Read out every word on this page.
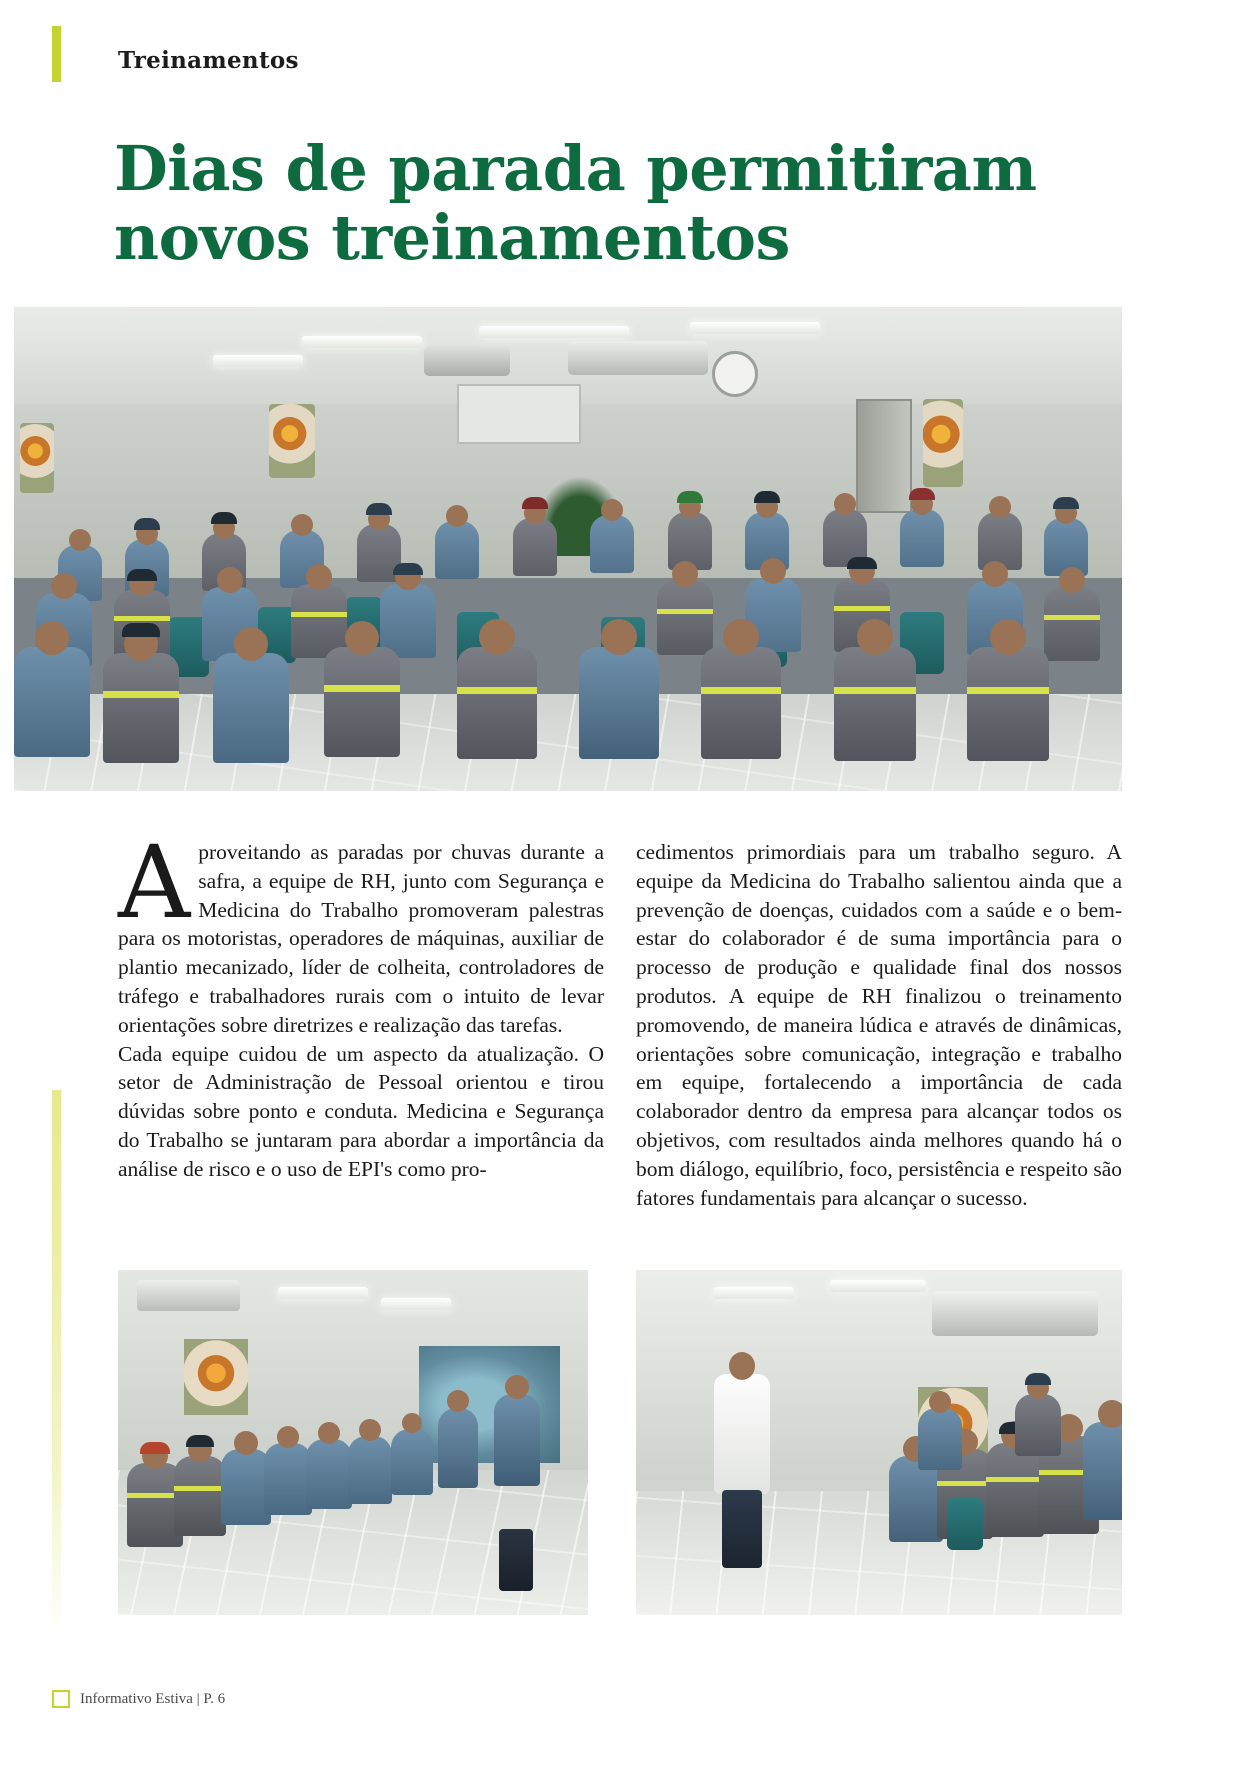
Treinamentos
Dias de parada permitiram novos treinamentos

Aproveitando as paradas por chuvas durante a safra, a equipe de RH, junto com Segurança e Medicina do Trabalho promoveram palestras para os motoristas, operadores de máquinas, auxiliar de plantio mecanizado, líder de colheita, controladores de tráfego e trabalhadores rurais com o intuito de levar orientações sobre diretrizes e realização das tarefas.

Cada equipe cuidou de um aspecto da atualização. O setor de Administração de Pessoal orientou e tirou dúvidas sobre ponto e conduta. Medicina e Segurança do Trabalho se juntaram para abordar a importância da análise de risco e o uso de EPI's como pro-

cedimentos primordiais para um trabalho seguro. A equipe da Medicina do Trabalho salientou ainda que a prevenção de doenças, cuidados com a saúde e o bem-estar do colaborador é de suma importância para o processo de produção e qualidade final dos nossos produtos. A equipe de RH finalizou o treinamento promovendo, de maneira lúdica e através de dinâmicas, orientações sobre comunicação, integração e trabalho em equipe, fortalecendo a importância de cada colaborador dentro da empresa para alcançar todos os objetivos, com resultados ainda melhores quando há o bom diálogo, equilíbrio, foco, persistência e respeito são fatores fundamentais para alcançar o sucesso.

Informativo Estiva | P. 6
